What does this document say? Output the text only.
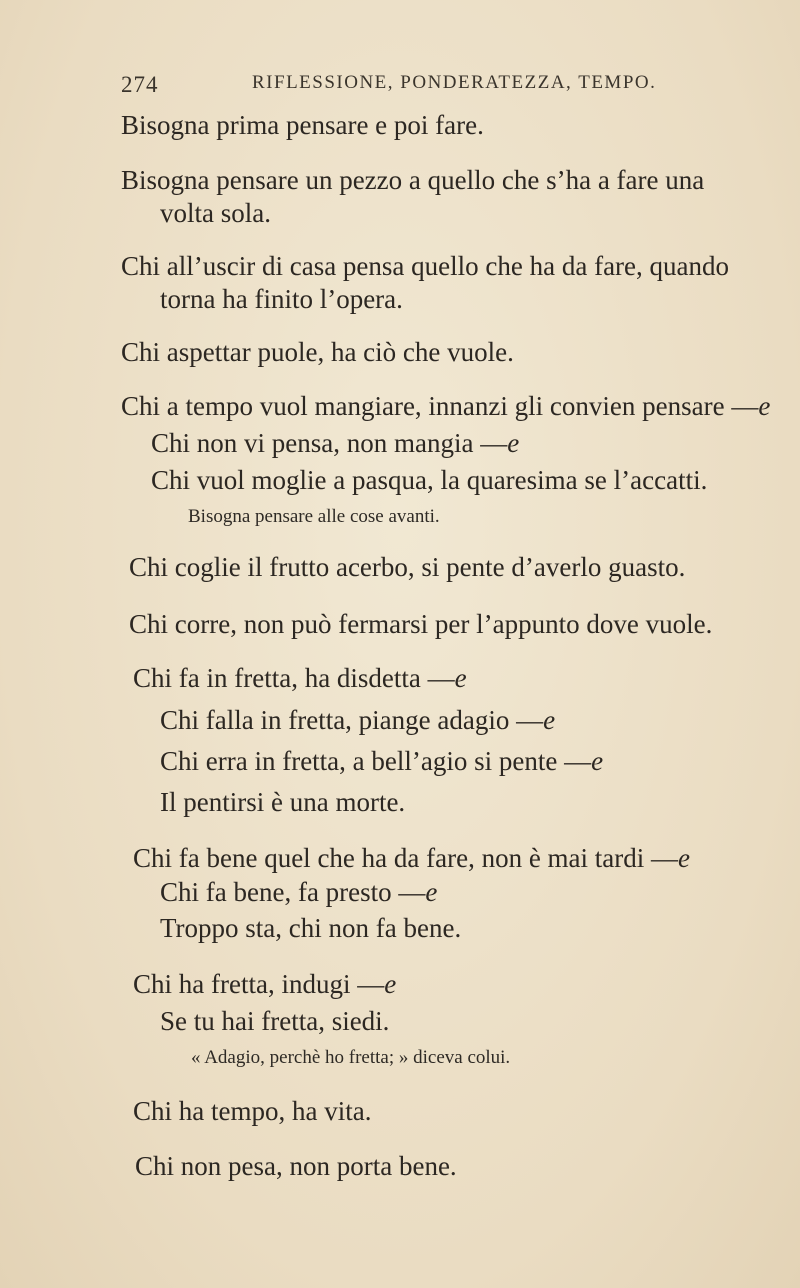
274	RIFLESSIONE, PONDERATEZZA, TEMPO.
Bisogna prima pensare e poi fare.
Bisogna pensare un pezzo a quello che s’ha a fare una
volta sola.
Chi all’uscir di casa pensa quello che ha da fare, quando
torna ha finito l’opera.
Chi aspettar puole, ha ciò che vuole.
Chi a tempo vuol mangiare, innanzi gli convien pensare —e
Chi non vi pensa, non mangia —e
Chi vuol moglie a pasqua, la quaresima se l’accatti.
Bisogna pensare alle cose avanti.
Chi coglie il frutto acerbo, si pente d’averlo guasto.
Chi corre, non può fermarsi per l’appunto dove vuole.
Chi fa in fretta, ha disdetta —e
Chi falla in fretta, piange adagio —e
Chi erra in fretta, a bell’agio si pente —e
Il pentirsi è una morte.
Chi fa bene quel che ha da fare, non è mai tardi —e
Chi fa bene, fa presto —e
Troppo sta, chi non fa bene.
Chi ha fretta, indugi —e
Se tu hai fretta, siedi.
« Adagio, perchè ho fretta; » diceva colui.
Chi ha tempo, ha vita.
Chi non pesa, non porta bene.
